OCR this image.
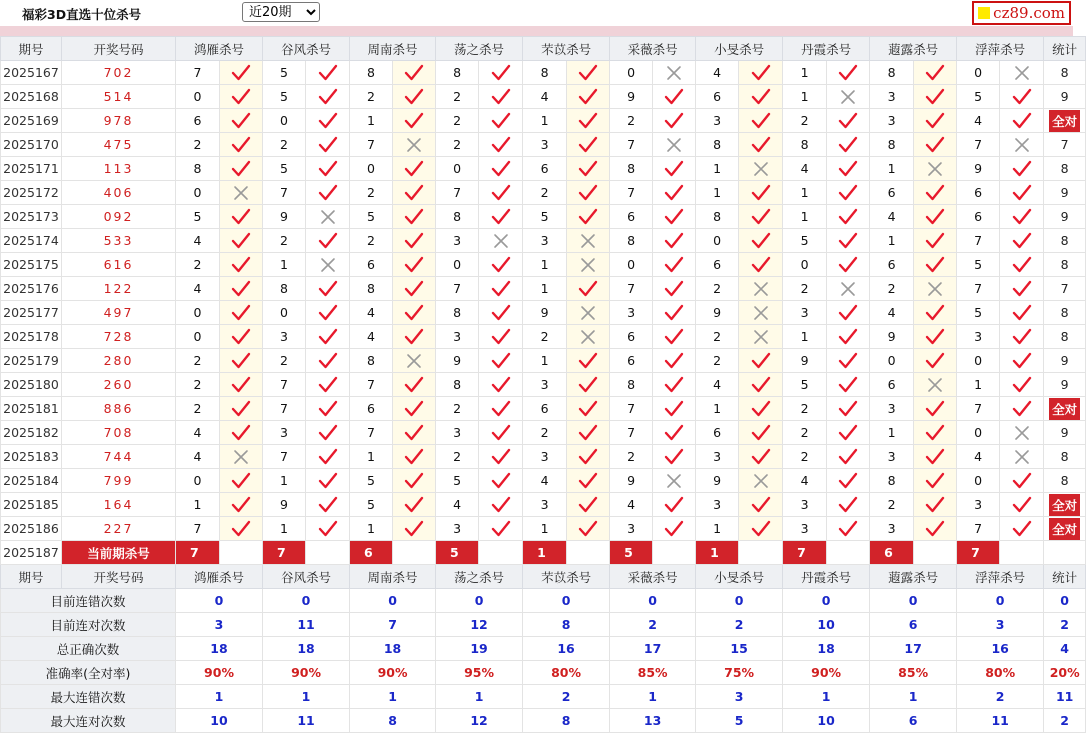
福彩3D直选十位杀号
近20期	cz89.com
期号	开奖号码	鸿雁杀号		谷风杀号		周南杀号		荡之杀号		芣苡杀号		采薇杀号		小旻杀号		丹霞杀号		蕸露杀号		浮萍杀号		统计
2025167	702	7		5		8		8		8		0		4		1		8		0		8
2025168	514	0		5		2		2		4		9		6		1		3		5		9
2025169	978	6		0		1		2		1		2		3		2		3		4		全对
2025170	475	2		2		7		2		3		7		8		8		8		7		7
2025171	113	8		5		0		0		6		8		1		4		1		9		8
2025172	406	0		7		2		7		2		7		1		1		6		6		9
2025173	092	5		9		5		8		5		6		8		1		4		6		9
2025174	533	4		2		2		3		3		8		0		5		1		7		8
2025175	616	2		1		6		0		1		0		6		0		6		5		8
2025176	122	4		8		8		7		1		7		2		2		2		7		7
2025177	497	0		0		4		8		9		3		9		3		4		5		8
2025178	728	0		3		4		3		2		6		2		1		9		3		8
2025179	280	2		2		8		9		1		6		2		9		0		0		9
2025180	260	2		7		7		8		3		8		4		5		6		1		9
2025181	886	2		7		6		2		6		7		1		2		3		7		全对
2025182	708	4		3		7		3		2		7		6		2		1		0		9
2025183	744	4		7		1		2		3		2		3		2		3		4		8
2025184	799	0		1		5		5		4		9		9		4		8		0		8
2025185	164	1		9		5		4		3		4		3		3		2		3		全对
2025186	227	7		1		1		3		1		3		1		3		3		7		全对
2025187	当前期杀号	7		7		6		5		1		5		1		7		6		7		
期号	开奖号码	鸿雁杀号		谷风杀号		周南杀号		荡之杀号		芣苡杀号		采薇杀号		小旻杀号		丹霞杀号		蕸露杀号		浮萍杀号		统计
目前连错次数		0		0		0		0		0		0		0		0		0		0		0
目前连对次数		3		11		7		12		8		2		2		10		6		3		2
总正确次数		18		18		18		19		16		17		15		18		17		16		4
准确率(全对率)		90%		90%		90%		95%		80%		85%		75%		90%		85%		80%		20%
最大连错次数		1		1		1		1		2		1		3		1		1		2		11
最大连对次数		10		11		8		12		8		13		5		10		6		11		2
